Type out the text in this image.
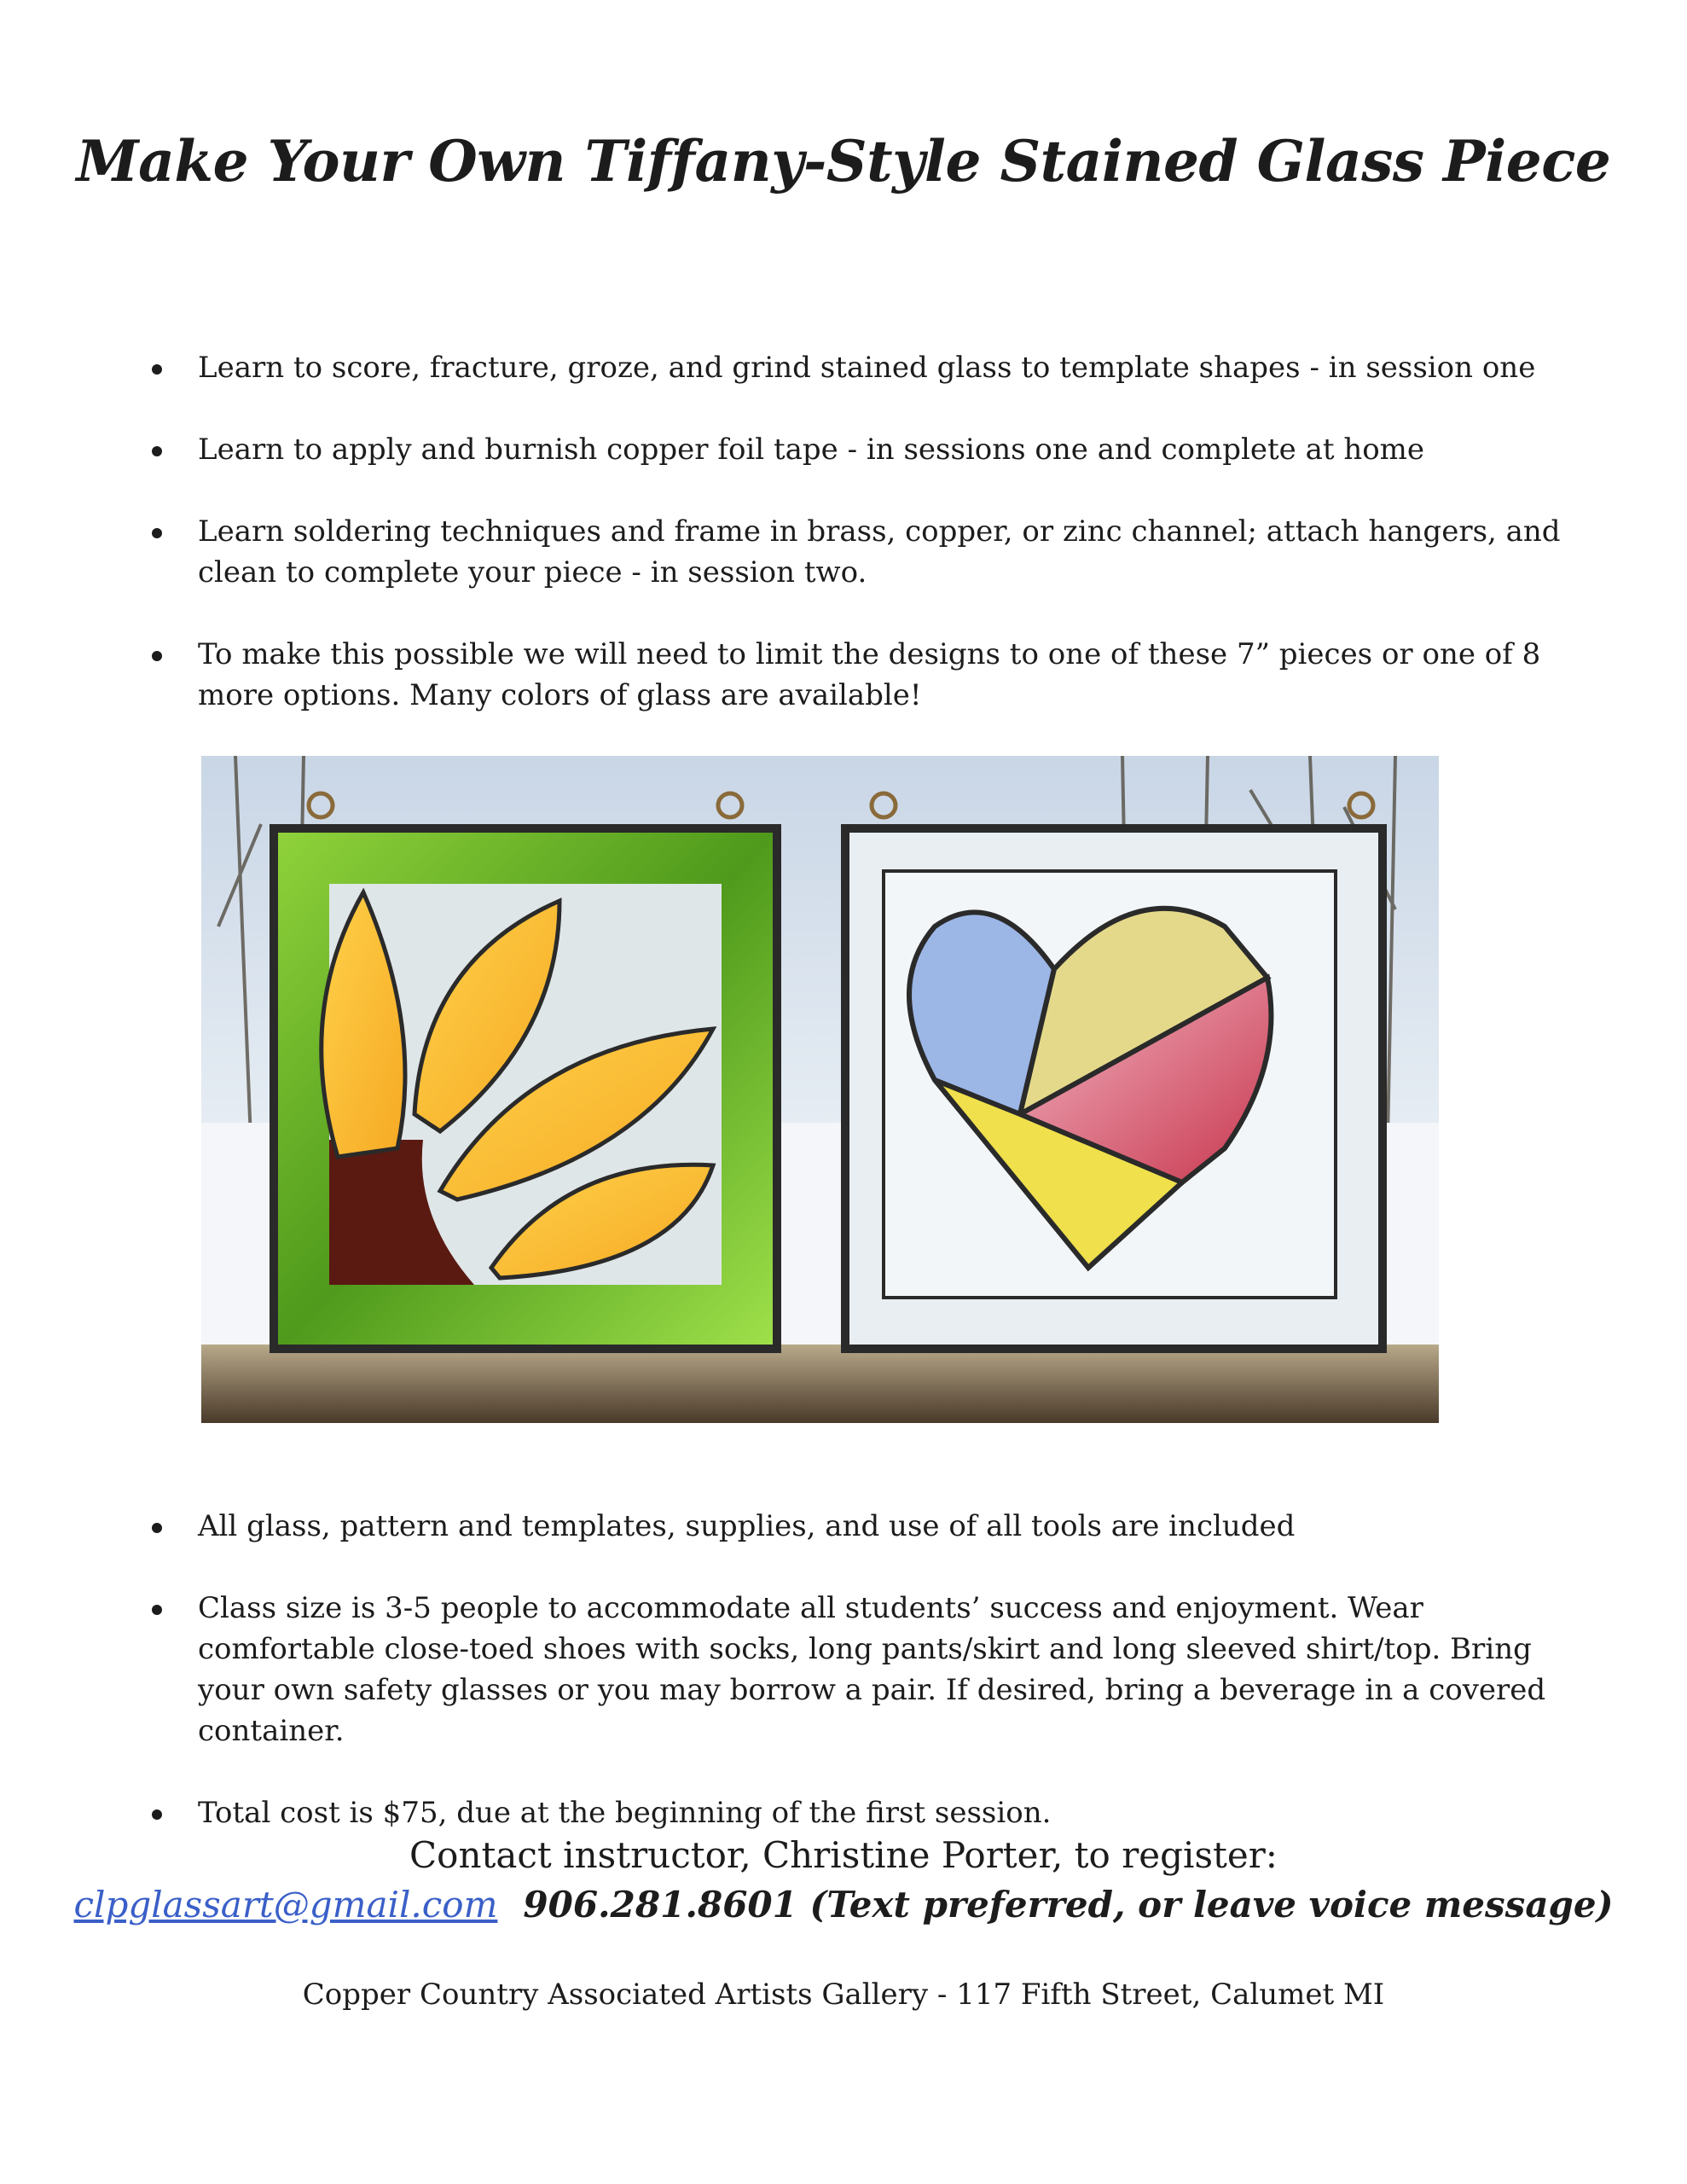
Make Your Own Tiffany-Style Stained Glass Piece
Learn to score, fracture, groze, and grind stained glass to template shapes - in session one
Learn to apply and burnish copper foil tape - in sessions one and complete at home
Learn soldering techniques and frame in brass, copper, or zinc channel; attach hangers, and clean to complete your piece - in session two.
To make this possible we will need to limit the designs to one of these 7” pieces or one of 8 more options. Many colors of glass are available!
All glass, pattern and templates, supplies, and use of all tools are included
Class size is 3-5 people to accommodate all students’ success and enjoyment. Wear comfortable close-toed shoes with socks, long pants/skirt and long sleeved shirt/top. Bring your own safety glasses or you may borrow a pair. If desired, bring a beverage in a covered container.
Total cost is $75, due at the beginning of the first session.
Contact instructor, Christine Porter, to register:
clpglassart@gmail.com 906.281.8601 (Text preferred, or leave voice message)
Copper Country Associated Artists Gallery - 117 Fifth Street, Calumet MI
